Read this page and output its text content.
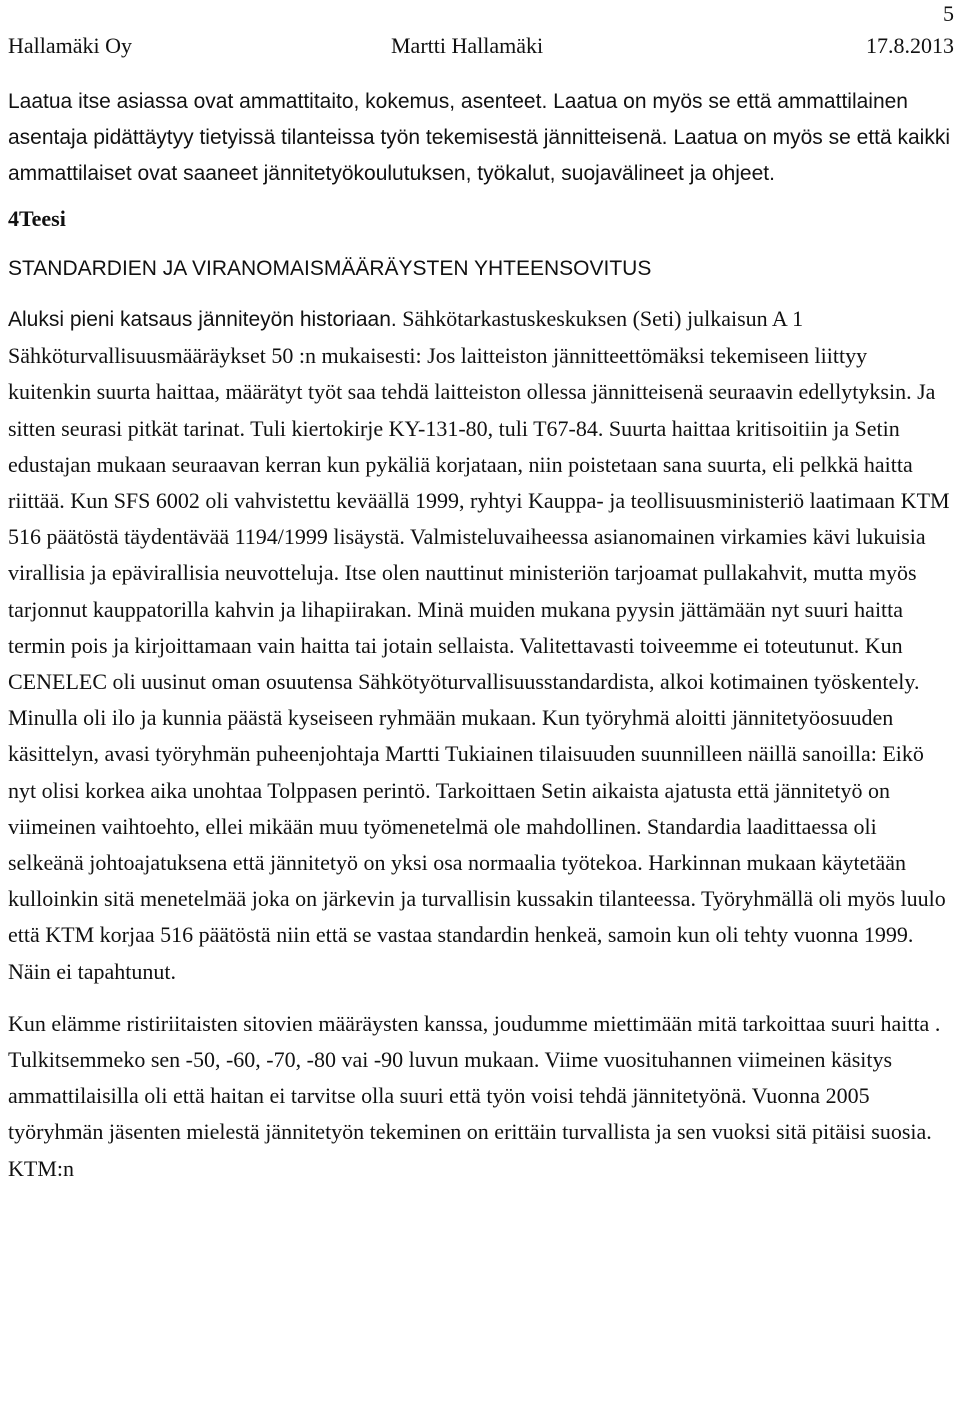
5
Hallamäki Oy	Martti Hallamäki	17.8.2013

Laatua itse asiassa ovat ammattitaito, kokemus, asenteet. Laatua on myös se että ammattilainen asentaja pidättäytyy tietyissä tilanteissa työn tekemisestä jännitteisenä. Laatua on myös se että kaikki ammattilaiset ovat saaneet jännitetyökoulutuksen, työkalut, suojavälineet ja ohjeet.

4Teesi

STANDARDIEN JA VIRANOMAISMÄÄRÄYSTEN YHTEENSOVITUS

Aluksi pieni katsaus jänniteyön historiaan. Sähkötarkastuskeskuksen (Seti) julkaisun A 1 Sähköturvallisuusmääräykset 50 :n mukaisesti: Jos laitteiston jännitteettömäksi tekemiseen liittyy kuitenkin suurta haittaa, määrätyt työt saa tehdä laitteiston ollessa jännitteisenä seuraavin edellytyksin. Ja sitten seurasi pitkät tarinat. Tuli kiertokirje KY-131-80, tuli T67-84. Suurta haittaa kritisoitiin ja Setin edustajan mukaan seuraavan kerran kun pykäliä korjataan, niin poistetaan sana suurta, eli pelkkä haitta riittää. Kun SFS 6002 oli vahvistettu keväällä 1999, ryhtyi Kauppa- ja teollisuusministeriö laatimaan KTM 516 päätöstä täydentävää 1194/1999 lisäystä. Valmisteluvaiheessa asianomainen virkamies kävi lukuisia virallisia ja epävirallisia neuvotteluja. Itse olen nauttinut ministeriön tarjoamat pullakahvit, mutta myös tarjonnut kauppatorilla kahvin ja lihapiirakan. Minä muiden mukana pyysin jättämään nyt suuri haitta termin pois ja kirjoittamaan vain haitta tai jotain sellaista. Valitettavasti toiveemme ei toteutunut. Kun CENELEC oli uusinut oman osuutensa Sähkötyöturvallisuusstandardista, alkoi kotimainen työskentely. Minulla oli ilo ja kunnia päästä kyseiseen ryhmään mukaan. Kun työryhmä aloitti jännitetyöosuuden käsittelyn, avasi työryhmän puheenjohtaja Martti Tukiainen tilaisuuden suunnilleen näillä sanoilla: Eikö nyt olisi korkea aika unohtaa Tolppasen perintö. Tarkoittaen Setin aikaista ajatusta että jännitetyö on viimeinen vaihtoehto, ellei mikään muu työmenetelmä ole mahdollinen. Standardia laadittaessa oli selkeänä johtoajatuksena että jännitetyö on yksi osa normaalia työtekoa. Harkinnan mukaan käytetään kulloinkin sitä menetelmää joka on järkevin ja turvallisin kussakin tilanteessa. Työryhmällä oli myös luulo että KTM korjaa 516 päätöstä niin että se vastaa standardin henkeä, samoin kun oli tehty vuonna 1999. Näin ei tapahtunut.

Kun elämme ristiriitaisten sitovien määräysten kanssa, joudumme miettimään mitä tarkoittaa suuri haitta . Tulkitsemmeko sen -50, -60, -70, -80 vai -90 luvun mukaan. Viime vuosituhannen viimeinen käsitys ammattilaisilla oli että haitan ei tarvitse olla suuri että työn voisi tehdä jännitetyönä. Vuonna 2005 työryhmän jäsenten mielestä jännitetyön tekeminen on erittäin turvallista ja sen vuoksi sitä pitäisi suosia. KTM:n
